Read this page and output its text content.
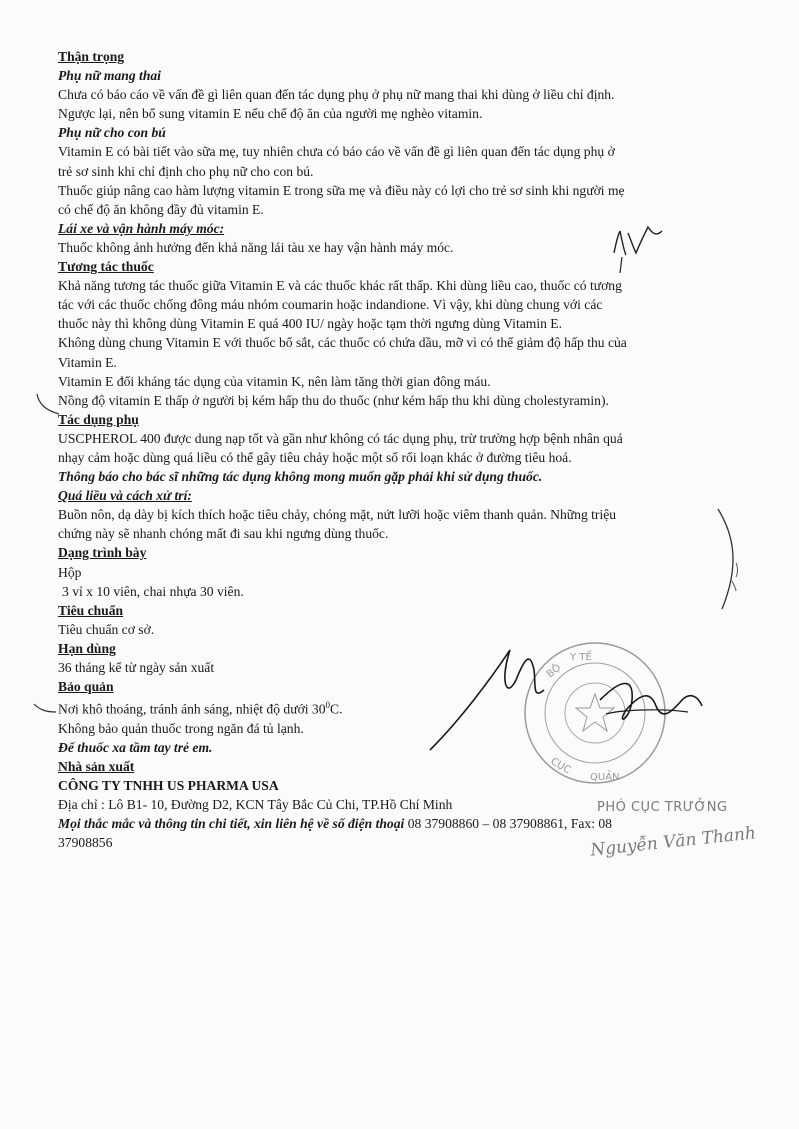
Thận trọng
Phụ nữ mang thai
Chưa có báo cáo về vấn đề gì liên quan đến tác dụng phụ ở phụ nữ mang thai khi dùng ở liều chỉ định.
Ngược lại, nên bổ sung vitamin E nếu chế độ ăn của người mẹ nghèo vitamin.
Phụ nữ cho con bú
Vitamin E có bài tiết vào sữa mẹ, tuy nhiên chưa có báo cáo về vấn đề gì liên quan đến tác dụng phụ ở
trẻ sơ sinh khi chỉ định cho phụ nữ cho con bú.
Thuốc giúp nâng cao hàm lượng vitamin E trong sữa mẹ và điều này có lợi cho trẻ sơ sinh khi người mẹ
có chế độ ăn không đầy đủ vitamin E.
Lái xe và vận hành máy móc:
Thuốc không ảnh hưởng đến khả năng lái tàu xe hay vận hành máy móc.
Tương tác thuốc
Khả năng tương tác thuốc giữa Vitamin E và các thuốc khác rất thấp. Khi dùng liều cao, thuốc có tương
tác với các thuốc chống đông máu nhóm coumarin hoặc indandione. Vì vậy, khi dùng chung với các
thuốc này thì không dùng Vitamin E quá 400 IU/ ngày hoặc tạm thời ngưng dùng Vitamin E.
Không dùng chung Vitamin E với thuốc bổ sắt, các thuốc có chứa dầu, mỡ vì có thể giảm độ hấp thu của
Vitamin E.
Vitamin E đối kháng tác dụng của vitamin K, nên làm tăng thời gian đông máu.
Nồng độ vitamin E thấp ở người bị kém hấp thu do thuốc (như kém hấp thu khi dùng cholestyramin).
Tác dụng phụ
USCPHEROL 400 được dung nạp tốt và gần như không có tác dụng phụ, trừ trường hợp bệnh nhân quá
nhạy cảm hoặc dùng quá liều có thể gây tiêu chảy hoặc một số rối loạn khác ở đường tiêu hoá.
Thông báo cho bác sĩ những tác dụng không mong muốn gặp phải khi sử dụng thuốc.
Quá liều và cách xử trí:
Buồn nôn, dạ dày bị kích thích hoặc tiêu chảy, chóng mặt, nứt lưỡi hoặc viêm thanh quản. Những triệu
chứng này sẽ nhanh chóng mất đi sau khi ngưng dùng thuốc.
Dạng trình bày
Hộp
3 vỉ x 10 viên, chai nhựa 30 viên.
Tiêu chuẩn
Tiêu chuẩn cơ sở.
Hạn dùng
36 tháng kể từ ngày sản xuất
Bảo quản
Nơi khô thoáng, tránh ánh sáng, nhiệt độ dưới $30^0C$.
Không bảo quản thuốc trong ngăn đá tủ lạnh.
Để thuốc xa tầm tay trẻ em.
Nhà sản xuất
CÔNG TY TNHH US PHARMA USA
Địa chỉ : Lô B1- 10, Đường D2, KCN Tây Bắc Củ Chi, TP.Hồ Chí Minh
Mọi thắc mắc và thông tin chi tiết, xin liên hệ về số điện thoại 08 37908860 – 08 37908861, Fax: 08
37908856
BỘ
Y TẾ
CỤC
QUẢN
PHÓ CỤC TRƯỞNG
Nguyễn Văn Thanh
